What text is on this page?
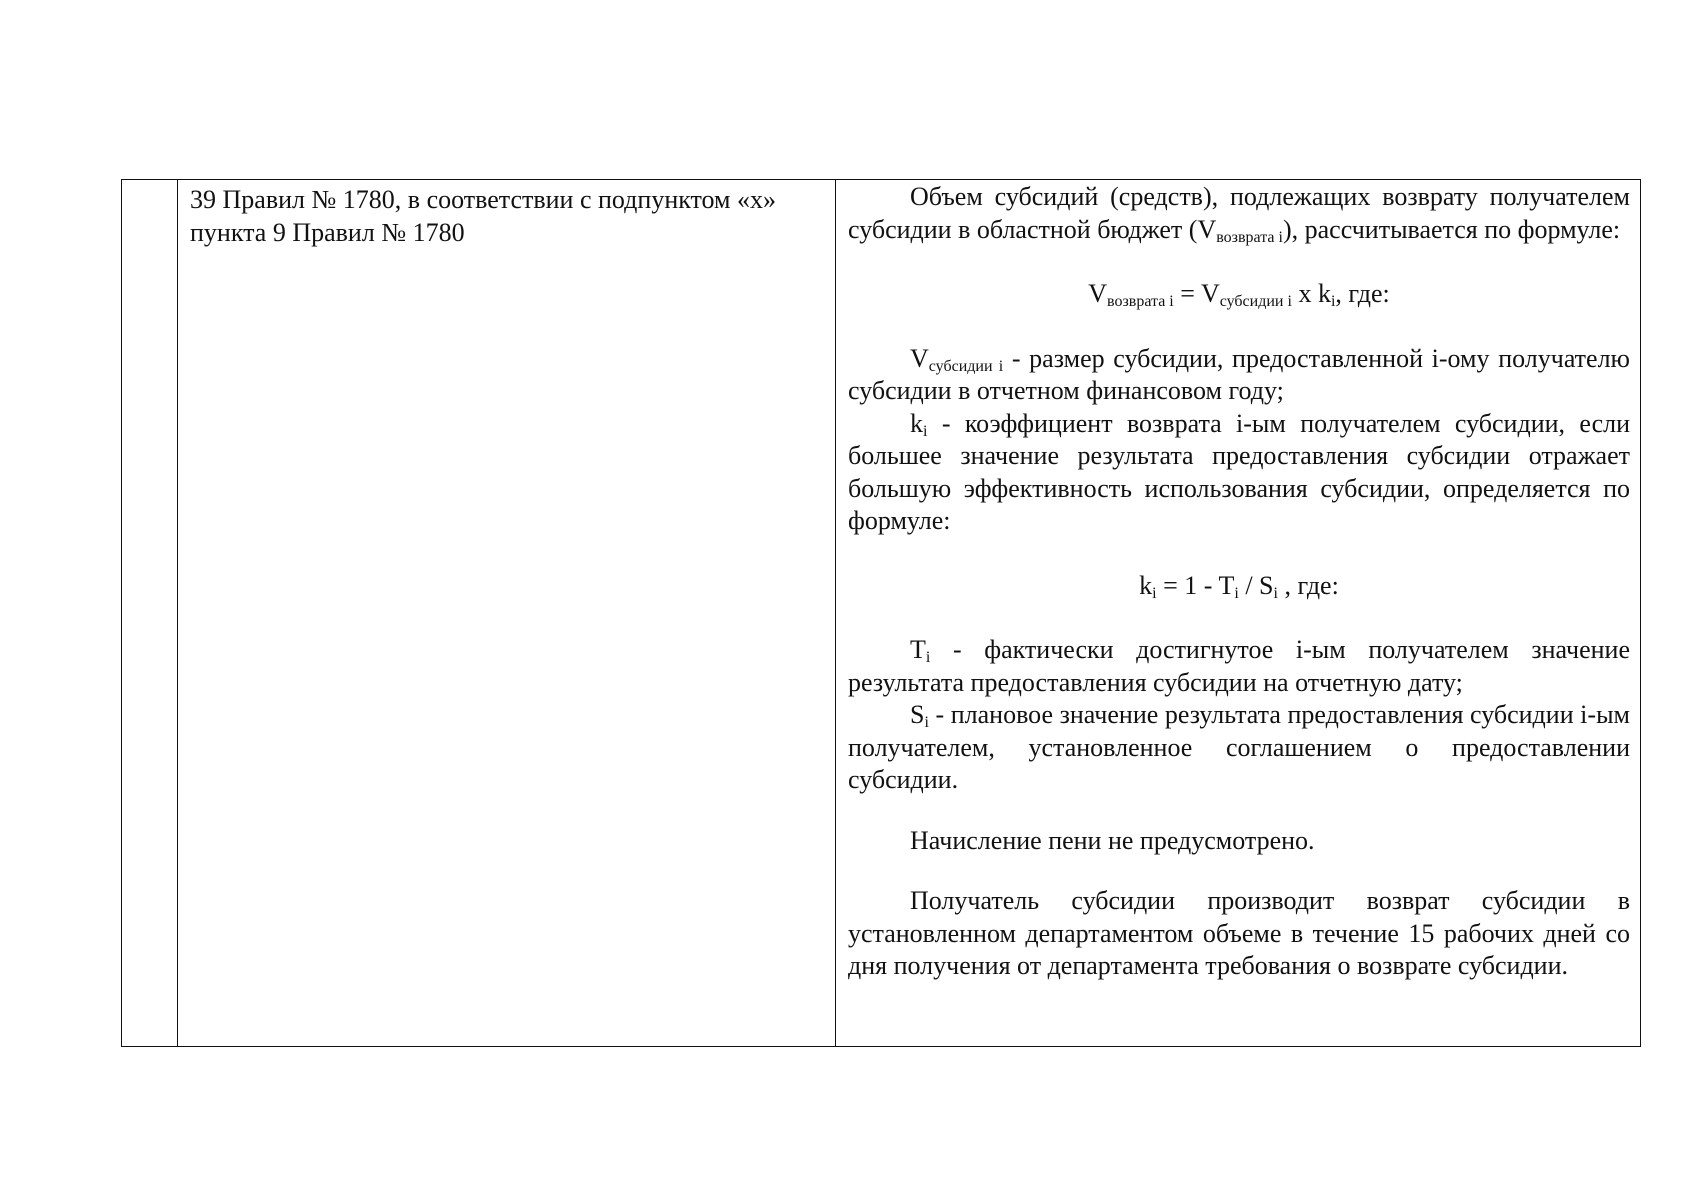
39 Правил № 1780, в соответствии с подпунктом «х» пункта 9 Правил № 1780

Объем субсидий (средств), подлежащих возврату получателем субсидии в областной бюджет $(V_{возврата i})$, рассчитывается по формуле:

$V_{возврата i} = V_{субсидии i}$ x $k_i$, где:

$V_{субсидии i}$ - размер субсидии, предоставленной i-ому получателю субсидии в отчетном финансовом году;

$k_i$ - коэффициент возврата i-ым получателем субсидии, если большее значение результата предоставления субсидии отражает большую эффективность использования субсидии, определяется по формуле:

$k_i = 1 - T_i / S_i$ , где:

$T_i$ - фактически достигнутое i-ым получателем значение результата предоставления субсидии на отчетную дату;

$S_i$ - плановое значение результата предоставления субсидии i-ым получателем, установленное соглашением о предоставлении субсидии.

Начисление пени не предусмотрено.

Получатель субсидии производит возврат субсидии в установленном департаментом объеме в течение 15 рабочих дней со дня получения от департамента требования о возврате субсидии.
